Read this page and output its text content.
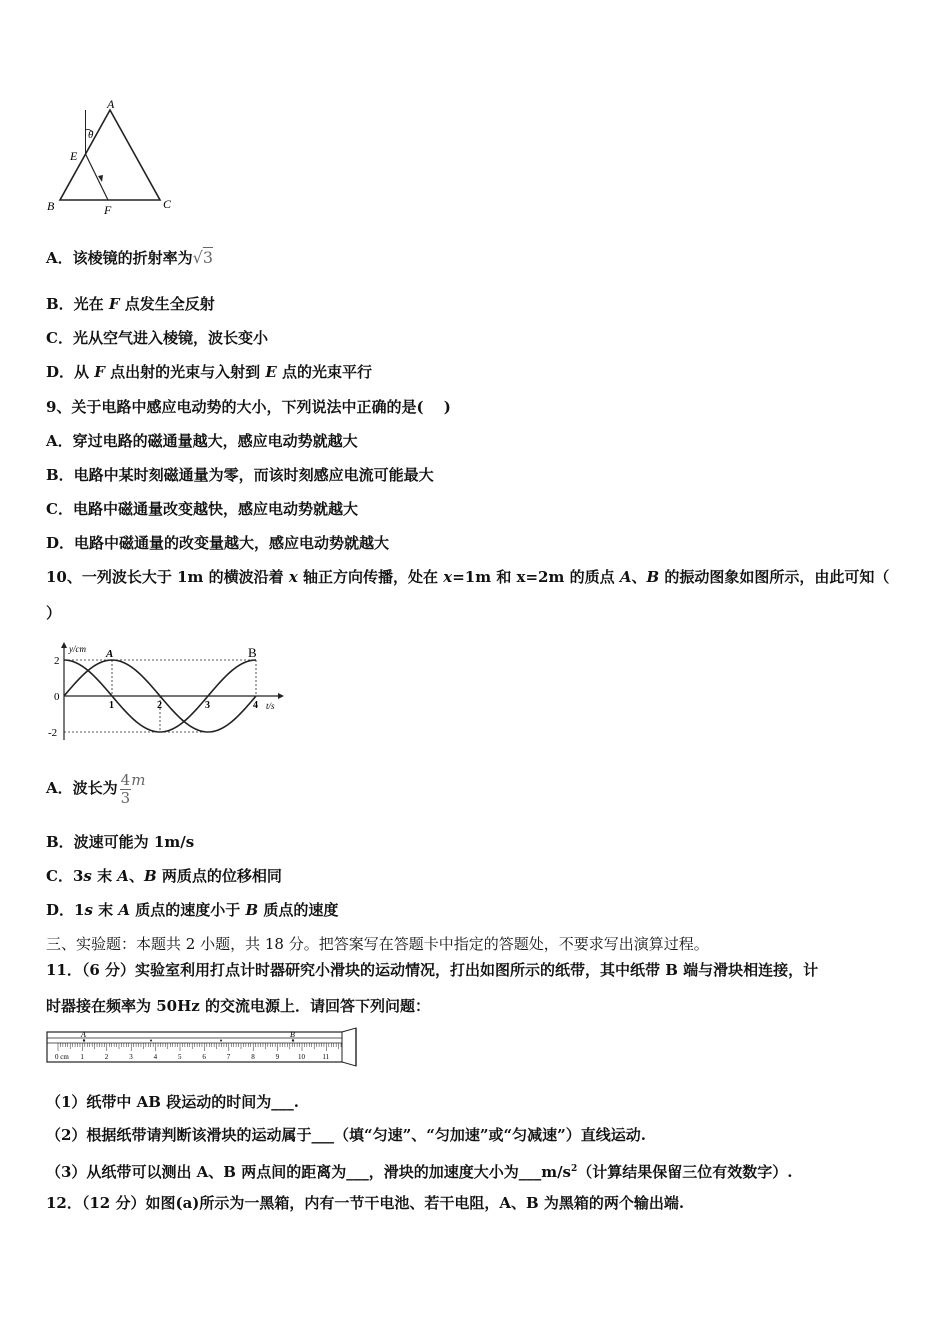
A
θ
E
B	F	C
A．该棱镜的折射率为√3
B．光在 F 点发生全反射
C．光从空气进入棱镜，波长变小
D．从 F 点出射的光束与入射到 E 点的光束平行
9、关于电路中感应电动势的大小，下列说法中正确的是(　 )
A．穿过电路的磁通量越大，感应电动势就越大
B．电路中某时刻磁通量为零，而该时刻感应电流可能最大
C．电路中磁通量改变越快，感应电动势就越大
D．电路中磁通量的改变量越大，感应电动势就越大
10、一列波长大于 1m 的横波沿着 x 轴正方向传播，处在 x=1m 和 x=2m 的质点 A、B 的振动图象如图所示，由此可知（
）
y/cm
t/s
2
0
-2
1	2	3	4
A	B
A．波长为 $\frac{4}{3}$ m
B．波速可能为 1m/s
C．3s 末 A、B 两质点的位移相同
D．1s 末 A 质点的速度小于 B 质点的速度
三、实验题：本题共 2 小题，共 18 分。把答案写在答题卡中指定的答题处，不要求写出演算过程。
11．（6 分）实验室利用打点计时器研究小滑块的运动情况，打出如图所示的纸带，其中纸带 B 端与滑块相连接，计
时器接在频率为 50Hz 的交流电源上．请回答下列问题：
0 cm
A	B
1	2	3	4	5	6	7	8	9	10 11
（1）纸带中 AB 段运动的时间为___.
（2）根据纸带请判断该滑块的运动属于___（填“匀速”、“匀加速”或“匀减速”）直线运动.
（3）从纸带可以测出 A、B 两点间的距离为___，滑块的加速度大小为$\_\_\_m/s^2$（计算结果保留三位有效数字）.
12．（12 分）如图(a)所示为一黑箱，内有一节干电池、若干电阻，A、B 为黑箱的两个输出端.
